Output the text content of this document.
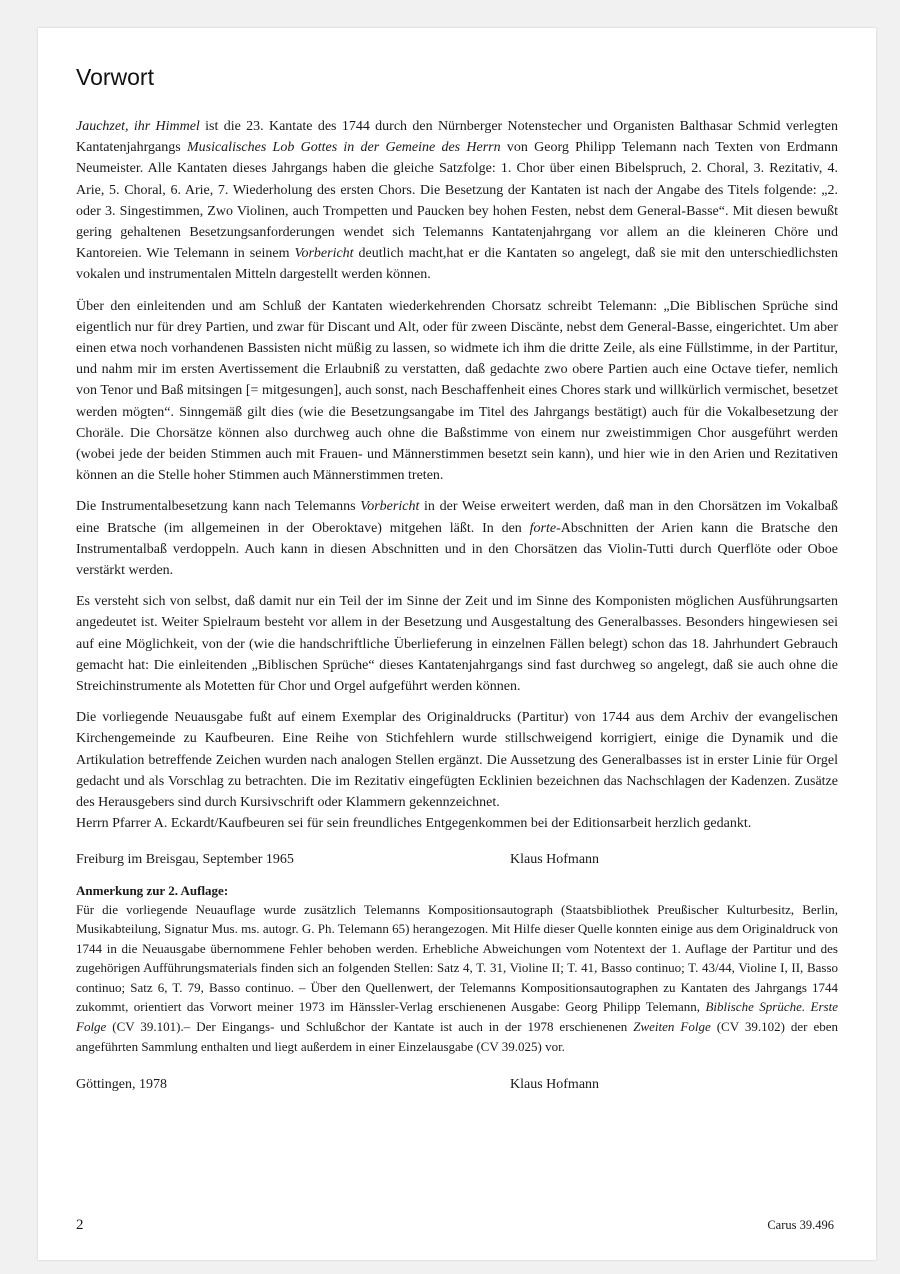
Vorwort

Jauchzet, ihr Himmel ist die 23. Kantate des 1744 durch den Nürnberger Notenstecher und Organisten Balthasar Schmid verlegten Kantatenjahrgangs Musicalisches Lob Gottes in der Gemeine des Herrn von Georg Philipp Telemann nach Texten von Erdmann Neumeister. Alle Kantaten dieses Jahrgangs haben die gleiche Satzfolge: 1. Chor über einen Bibelspruch, 2. Choral, 3. Rezitativ, 4. Arie, 5. Choral, 6. Arie, 7. Wiederholung des ersten Chors. Die Besetzung der Kantaten ist nach der Angabe des Titels folgende: „2. oder 3. Singestimmen, Zwo Violinen, auch Trompetten und Paucken bey hohen Festen, nebst dem General-Basse“. Mit diesen bewußt gering gehaltenen Besetzungsanforderungen wendet sich Telemanns Kantatenjahrgang vor allem an die kleineren Chöre und Kantoreien. Wie Telemann in seinem Vorbericht deutlich macht,hat er die Kantaten so angelegt, daß sie mit den unterschiedlichsten vokalen und instrumentalen Mitteln dargestellt werden können.

Über den einleitenden und am Schluß der Kantaten wiederkehrenden Chorsatz schreibt Telemann: „Die Biblischen Sprüche sind eigentlich nur für drey Partien, und zwar für Discant und Alt, oder für zween Discänte, nebst dem General-Basse, eingerichtet. Um aber einen etwa noch vorhandenen Bassisten nicht müßig zu lassen, so widmete ich ihm die dritte Zeile, als eine Füllstimme, in der Partitur, und nahm mir im ersten Avertissement die Erlaubniß zu verstatten, daß gedachte zwo obere Partien auch eine Octave tiefer, nemlich von Tenor und Baß mitsingen [= mitgesungen], auch sonst, nach Beschaffenheit eines Chores stark und willkürlich vermischet, besetzet werden mögten“. Sinngemäß gilt dies (wie die Besetzungsangabe im Titel des Jahrgangs bestätigt) auch für die Vokalbesetzung der Choräle. Die Chorsätze können also durchweg auch ohne die Baßstimme von einem nur zweistimmigen Chor ausgeführt werden (wobei jede der beiden Stimmen auch mit Frauen- und Männerstimmen besetzt sein kann), und hier wie in den Arien und Rezitativen können an die Stelle hoher Stimmen auch Männerstimmen treten.

Die Instrumentalbesetzung kann nach Telemanns Vorbericht in der Weise erweitert werden, daß man in den Chorsätzen im Vokalbaß eine Bratsche (im allgemeinen in der Oberoktave) mitgehen läßt. In den forte-Abschnitten der Arien kann die Bratsche den Instrumentalbaß verdoppeln. Auch kann in diesen Abschnitten und in den Chorsätzen das Violin-Tutti durch Querflöte oder Oboe verstärkt werden.

Es versteht sich von selbst, daß damit nur ein Teil der im Sinne der Zeit und im Sinne des Komponisten möglichen Ausführungsarten angedeutet ist. Weiter Spielraum besteht vor allem in der Besetzung und Ausgestaltung des Generalbasses. Besonders hingewiesen sei auf eine Möglichkeit, von der (wie die handschriftliche Überlieferung in einzelnen Fällen belegt) schon das 18. Jahrhundert Gebrauch gemacht hat: Die einleitenden „Biblischen Sprüche“ dieses Kantatenjahrgangs sind fast durchweg so angelegt, daß sie auch ohne die Streichinstrumente als Motetten für Chor und Orgel aufgeführt werden können.

Die vorliegende Neuausgabe fußt auf einem Exemplar des Originaldrucks (Partitur) von 1744 aus dem Archiv der evangelischen Kirchengemeinde zu Kaufbeuren. Eine Reihe von Stichfehlern wurde stillschweigend korrigiert, einige die Dynamik und die Artikulation betreffende Zeichen wurden nach analogen Stellen ergänzt. Die Aussetzung des Generalbasses ist in erster Linie für Orgel gedacht und als Vorschlag zu betrachten. Die im Rezitativ eingefügten Ecklinien bezeichnen das Nachschlagen der Kadenzen. Zusätze des Herausgebers sind durch Kursivschrift oder Klammern gekennzeichnet.

Herrn Pfarrer A. Eckardt/Kaufbeuren sei für sein freundliches Entgegenkommen bei der Editionsarbeit herzlich gedankt.

Freiburg im Breisgau, September 1965	Klaus Hofmann
Anmerkung zur 2. Auflage:

Für die vorliegende Neuauflage wurde zusätzlich Telemanns Kompositionsautograph (Staatsbibliothek Preußischer Kulturbesitz, Berlin, Musikabteilung, Signatur Mus. ms. autogr. G. Ph. Telemann 65) herangezogen. Mit Hilfe dieser Quelle konnten einige aus dem Originaldruck von 1744 in die Neuausgabe übernommene Fehler behoben werden. Erhebliche Abweichungen vom Notentext der 1. Auflage der Partitur und des zugehörigen Aufführungsmaterials finden sich an folgenden Stellen: Satz 4, T. 31, Violine II; T. 41, Basso continuo; T. 43/44, Violine I, II, Basso continuo; Satz 6, T. 79, Basso continuo. – Über den Quellenwert, der Telemanns Kompositionsautographen zu Kantaten des Jahrgangs 1744 zukommt, orientiert das Vorwort meiner 1973 im Hänssler-Verlag erschienenen Ausgabe: Georg Philipp Telemann, Biblische Sprüche. Erste Folge (CV 39.101).– Der Eingangs- und Schlußchor der Kantate ist auch in der 1978 erschienenen Zweiten Folge (CV 39.102) der eben angeführten Sammlung enthalten und liegt außerdem in einer Einzelausgabe (CV 39.025) vor.

Göttingen, 1978	Klaus Hofmann
2	Carus 39.496
